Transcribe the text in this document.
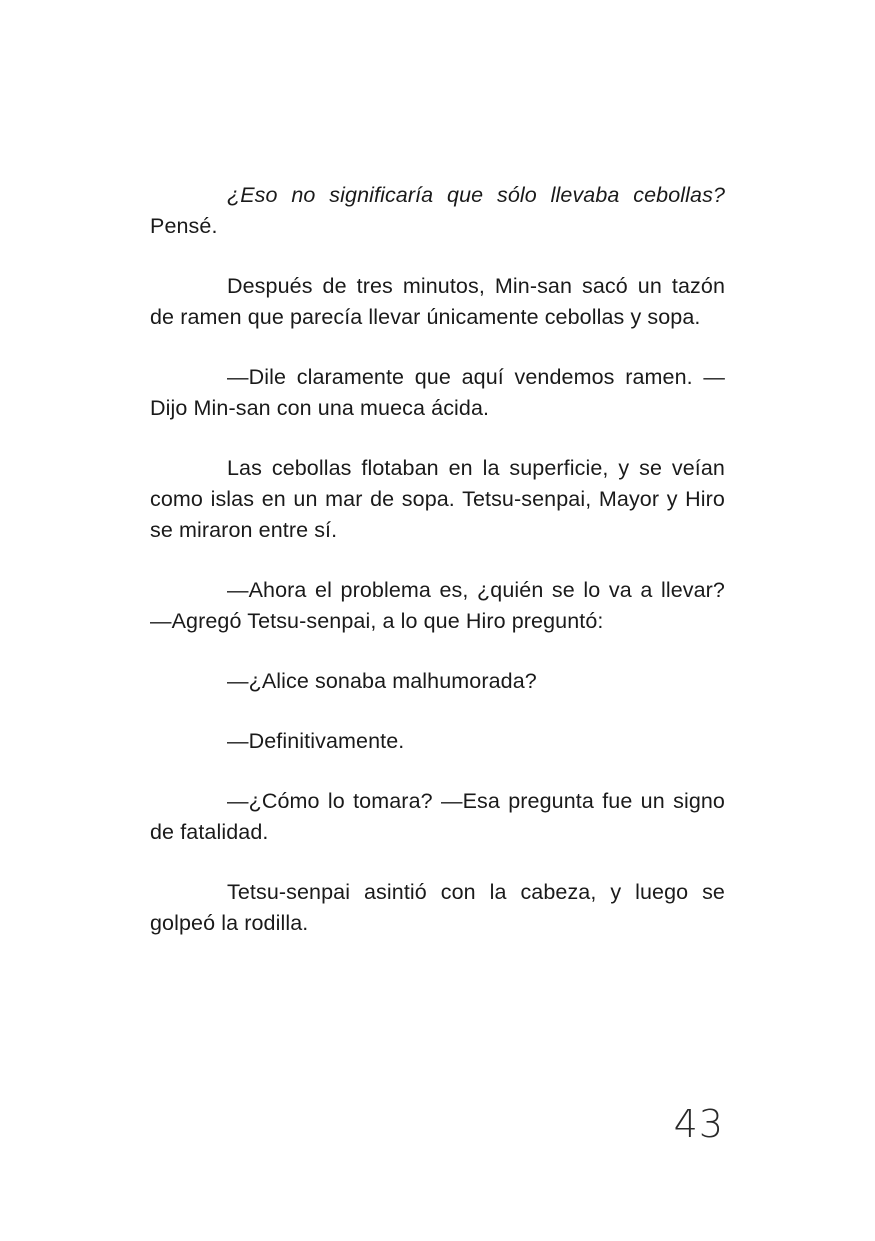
¿Eso no significaría que sólo llevaba cebollas? Pensé.

Después de tres minutos, Min-san sacó un tazón de ramen que parecía llevar únicamente cebollas y sopa.

—Dile claramente que aquí vendemos ramen. —Dijo Min-san con una mueca ácida.

Las cebollas flotaban en la superficie, y se veían como islas en un mar de sopa. Tetsu-senpai, Mayor y Hiro se miraron entre sí.

—Ahora el problema es, ¿quién se lo va a llevar? —Agregó Tetsu-senpai, a lo que Hiro preguntó:

—¿Alice sonaba malhumorada?

—Definitivamente.

—¿Cómo lo tomara? —Esa pregunta fue un signo de fatalidad.

Tetsu-senpai asintió con la cabeza, y luego se golpeó la rodilla.

43
